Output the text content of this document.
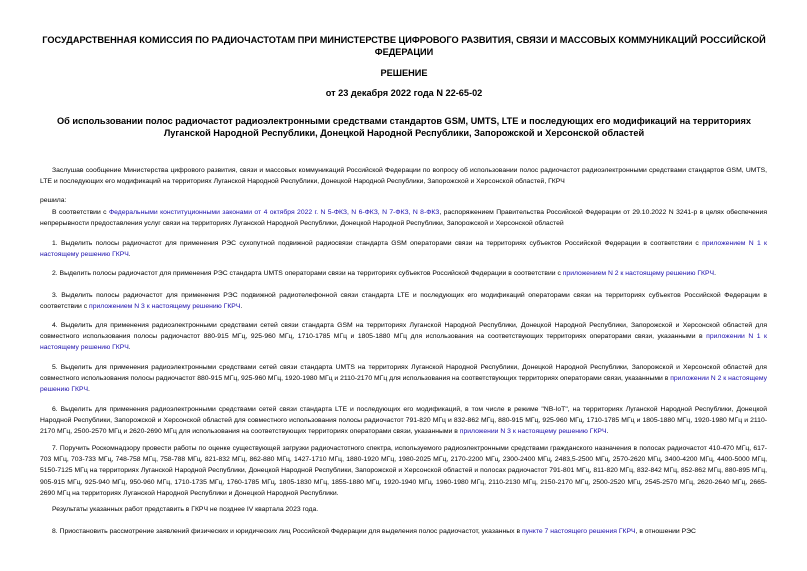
ГОСУДАРСТВЕННАЯ КОМИССИЯ ПО РАДИОЧАСТОТАМ ПРИ МИНИСТЕРСТВЕ ЦИФРОВОГО РАЗВИТИЯ, СВЯЗИ И МАССОВЫХ КОММУНИКАЦИЙ РОССИЙСКОЙ ФЕДЕРАЦИИ
РЕШЕНИЕ
от 23 декабря 2022 года N 22-65-02
Об использовании полос радиочастот радиоэлектронными средствами стандартов GSM, UMTS, LTE и последующих его модификаций на территориях Луганской Народной Республики, Донецкой Народной Республики, Запорожской и Херсонской областей

Заслушав сообщение Министерства цифрового развития, связи и массовых коммуникаций Российской Федерации по вопросу об использовании полос радиочастот радиоэлектронными средствами стандартов GSM, UMTS, LTE и последующих его модификаций на территориях Луганской Народной Республики, Донецкой Народной Республики, Запорожской и Херсонской областей, ГКРЧ

решила:

В соответствии с Федеральными конституционными законами от 4 октября 2022 г. N 5-ФКЗ, N 6-ФКЗ, N 7-ФКЗ, N 8-ФКЗ, распоряжением Правительства Российской Федерации от 29.10.2022 N 3241-р в целях обеспечения непрерывности предоставления услуг связи на территориях Луганской Народной Республики, Донецкой Народной Республики, Запорожской и Херсонской областей

1. Выделить полосы радиочастот для применения РЭС сухопутной подвижной радиосвязи стандарта GSM операторами связи на территориях субъектов Российской Федерации в соответствии с приложением N 1 к настоящему решению ГКРЧ.

2. Выделить полосы радиочастот для применения РЭС стандарта UMTS операторами связи на территориях субъектов Российской Федерации в соответствии с приложением N 2 к настоящему решению ГКРЧ.

3. Выделить полосы радиочастот для применения РЭС подвижной радиотелефонной связи стандарта LTE и последующих его модификаций операторами связи на территориях субъектов Российской Федерации в соответствии с приложением N 3 к настоящему решению ГКРЧ.

4. Выделить для применения радиоэлектронными средствами сетей связи стандарта GSM на территориях Луганской Народной Республики, Донецкой Народной Республики, Запорожской и Херсонской областей для совместного использования полосы радиочастот 880-915 МГц, 925-960 МГц, 1710-1785 МГц и 1805-1880 МГц для использования на соответствующих территориях операторами связи, указанными в приложении N 1 к настоящему решению ГКРЧ.

5. Выделить для применения радиоэлектронными средствами сетей связи стандарта UMTS на территориях Луганской Народной Республики, Донецкой Народной Республики, Запорожской и Херсонской областей для совместного использования полосы радиочастот 880-915 МГц, 925-960 МГц, 1920-1980 МГц и 2110-2170 МГц для использования на соответствующих территориях операторами связи, указанными в приложении N 2 к настоящему решению ГКРЧ.

6. Выделить для применения радиоэлектронными средствами сетей связи стандарта LTE и последующих его модификаций, в том числе в режиме "NB-IoT", на территориях Луганской Народной Республики, Донецкой Народной Республики, Запорожской и Херсонской областей для совместного использования полосы радиочастот 791-820 МГц и 832-862 МГц, 880-915 МГц, 925-960 МГц, 1710-1785 МГц и 1805-1880 МГц, 1920-1980 МГц и 2110-2170 МГц, 2500-2570 МГц и 2620-2690 МГц для использования на соответствующих территориях операторами связи, указанными в приложении N 3 к настоящему решению ГКРЧ.

7. Поручить Роскомнадзору провести работы по оценке существующей загрузки радиочастотного спектра, используемого радиоэлектронными средствами гражданского назначения в полосах радиочастот 410-470 МГц, 617-703 МГц, 703-733 МГц, 748-758 МГц, 758-788 МГц, 821-832 МГц, 862-880 МГц, 1427-1710 МГц, 1880-1920 МГц, 1980-2025 МГц, 2170-2200 МГц, 2300-2400 МГц, 2483,5-2500 МГц, 2570-2620 МГц, 3400-4200 МГц, 4400-5000 МГц, 5150-7125 МГц на территориях Луганской Народной Республики, Донецкой Народной Республики, Запорожской и Херсонской областей и полосах радиочастот 791-801 МГц, 811-820 МГц, 832-842 МГц, 852-862 МГц, 880-895 МГц, 905-915 МГц, 925-940 МГц, 950-960 МГц, 1710-1735 МГц, 1760-1785 МГц, 1805-1830 МГц, 1855-1880 МГц, 1920-1940 МГц, 1960-1980 МГц, 2110-2130 МГц, 2150-2170 МГц, 2500-2520 МГц, 2545-2570 МГц, 2620-2640 МГц, 2665-2690 МГц на территориях Луганской Народной Республики и Донецкой Народной Республики.

Результаты указанных работ представить в ГКРЧ не позднее IV квартала 2023 года.

8. Приостановить рассмотрение заявлений физических и юридических лиц Российской Федерации для выделения полос радиочастот, указанных в пункте 7 настоящего решения ГКРЧ, в отношении РЭС
